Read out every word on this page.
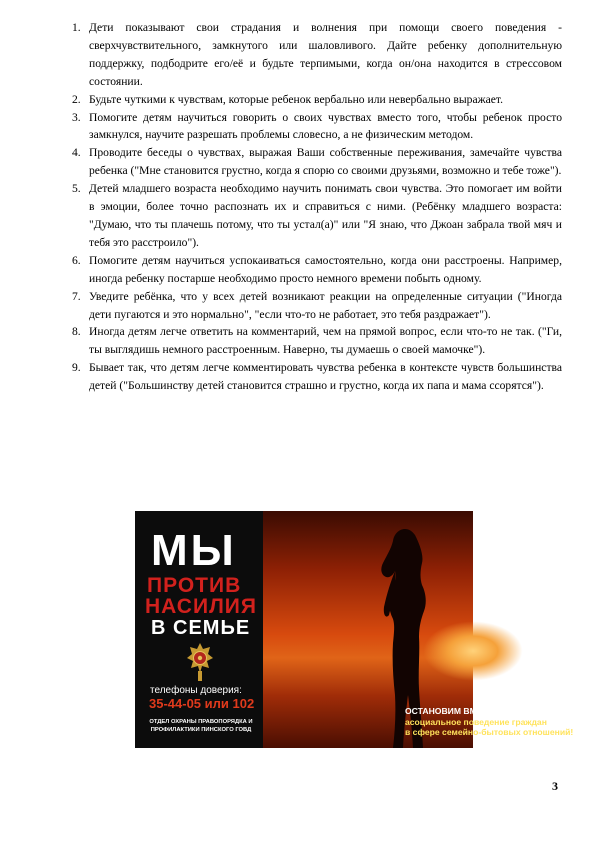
1. Дети показывают свои страдания и волнения при помощи своего поведения - сверхчувствительного, замкнутого или шаловливого. Дайте ребенку дополнительную поддержку, подбодрите его/её и будьте терпимыми, когда он/она находится в стрессовом состоянии.
2. Будьте чуткими к чувствам, которые ребенок вербально или невербально выражает.
3. Помогите детям научиться говорить о своих чувствах вместо того, чтобы ребенок просто замкнулся, научите разрешать проблемы словесно, а не физическим методом.
4. Проводите беседы о чувствах, выражая Ваши собственные переживания, замечайте чувства ребенка ("Мне становится грустно, когда я спорю со своими друзьями, возможно и тебе тоже").
5. Детей младшего возраста необходимо научить понимать свои чувства. Это помогает им войти в эмоции, более точно распознать их и справиться с ними. (Ребёнку младшего возраста: "Думаю, что ты плачешь потому, что ты устал(а)" или "Я знаю, что Джоан забрала твой мяч и тебя это расстроило").
6. Помогите детям научиться успокаиваться самостоятельно, когда они расстроены. Например, иногда ребенку постарше необходимо просто немного времени побыть одному.
7. Уведите ребёнка, что у всех детей возникают реакции на определенные ситуации ("Иногда дети пугаются и это нормально", "если что-то не работает, это тебя раздражает").
8. Иногда детям легче ответить на комментарий, чем на прямой вопрос, если что-то не так. ("Ги, ты выглядишь немного расстроенным. Наверно, ты думаешь о своей мамочке").
9. Бывает так, что детям легче комментировать чувства ребенка в контексте чувств большинства детей ("Большинству детей становится страшно и грустно, когда их папа и мама ссорятся").
МЫ
ПРОТИВ
НАСИЛИЯ
В СЕМЬЕ
телефоны доверия:
35-44-05 или 102
ОТДЕЛ ОХРАНЫ ПРАВОПОРЯДКА И ПРОФИЛАКТИКИ ПИНСКОГО ГОВД
ОСТАНОВИМ ВМЕСТЕ
асоциальное поведение граждан
в сфере семейно-бытовых отношений!
3
